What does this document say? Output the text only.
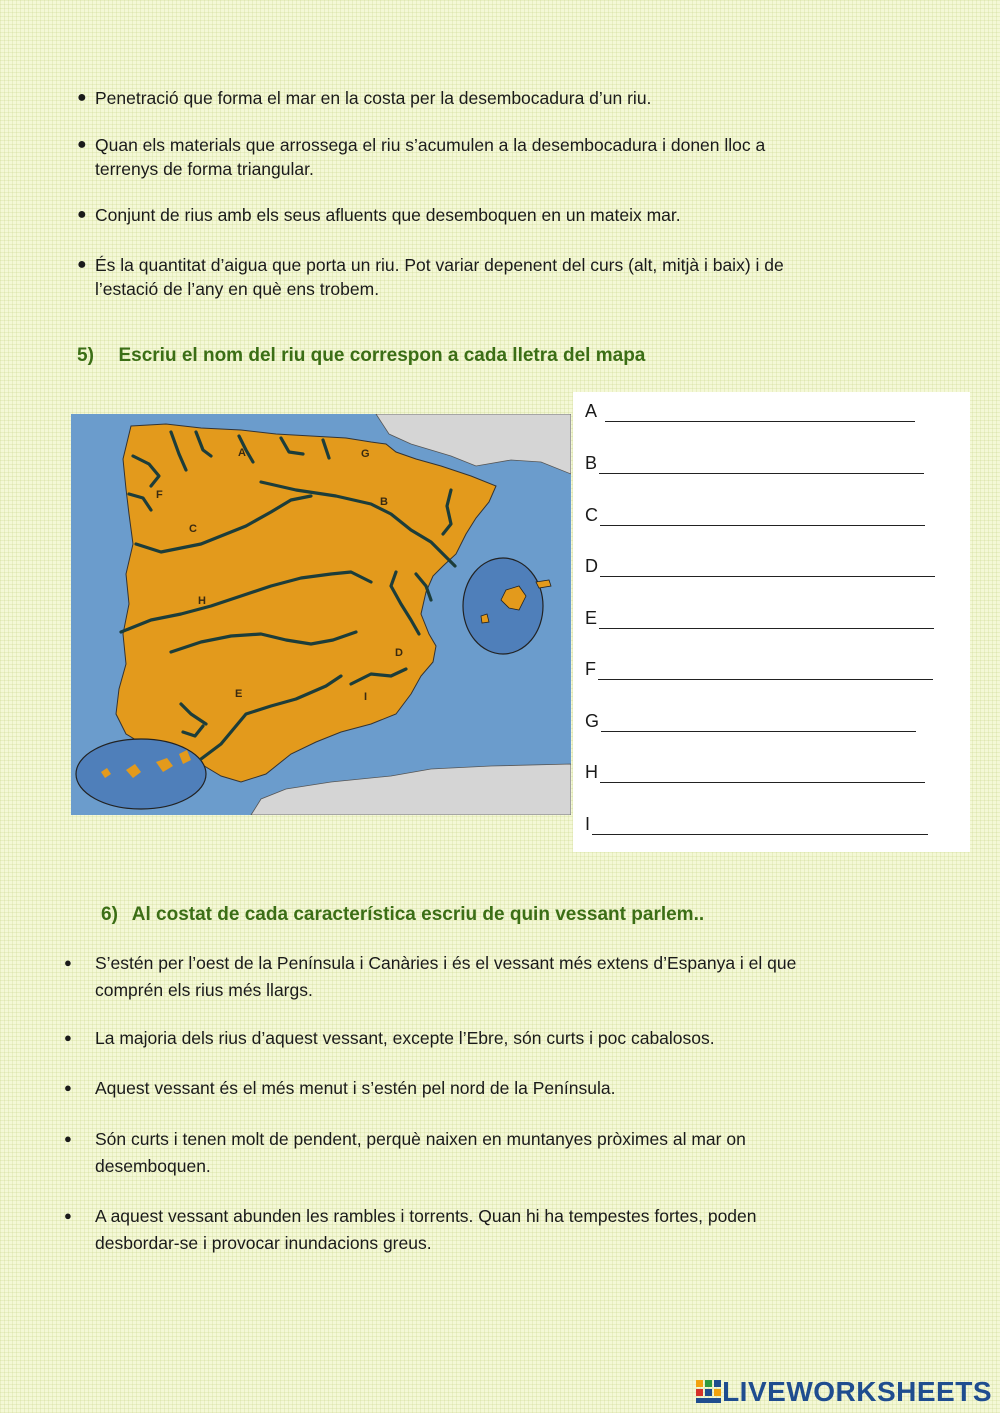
● Penetració que forma el mar en la costa per la desembocadura d’un riu.
● Quan els materials que arrossega el riu s’acumulen a la desembocadura i donen lloc a
terrenys de forma triangular.
● Conjunt de rius amb els seus afluents que desemboquen en un mateix mar.
● És la quantitat d’aigua que porta un riu. Pot variar depenent del curs (alt, mitjà i baix) i de
l’estació de l’any en què ens trobem.
5) Escriu el nom del riu que correspon a cada lletra del mapa
A	G
B
F
C
H
D
E	I
A
B
C
D
E
F
G
H
I
6) Al costat de cada característica escriu de quin vessant parlem..
●	S’estén per l’oest de la Península i Canàries i és el vessant més extens d’Espanya i el que
comprén els rius més llargs.
●	La majoria dels rius d’aquest vessant, excepte l’Ebre, són curts i poc cabalosos.
●	Aquest vessant és el més menut i s’estén pel nord de la Península.
●	Són curts i tenen molt de pendent, perquè naixen en muntanyes pròximes al mar on
desemboquen.
●	A aquest vessant abunden les rambles i torrents. Quan hi ha tempestes fortes, poden
desbordar-se i provocar inundacions greus.
LIVEWORKSHEETS
